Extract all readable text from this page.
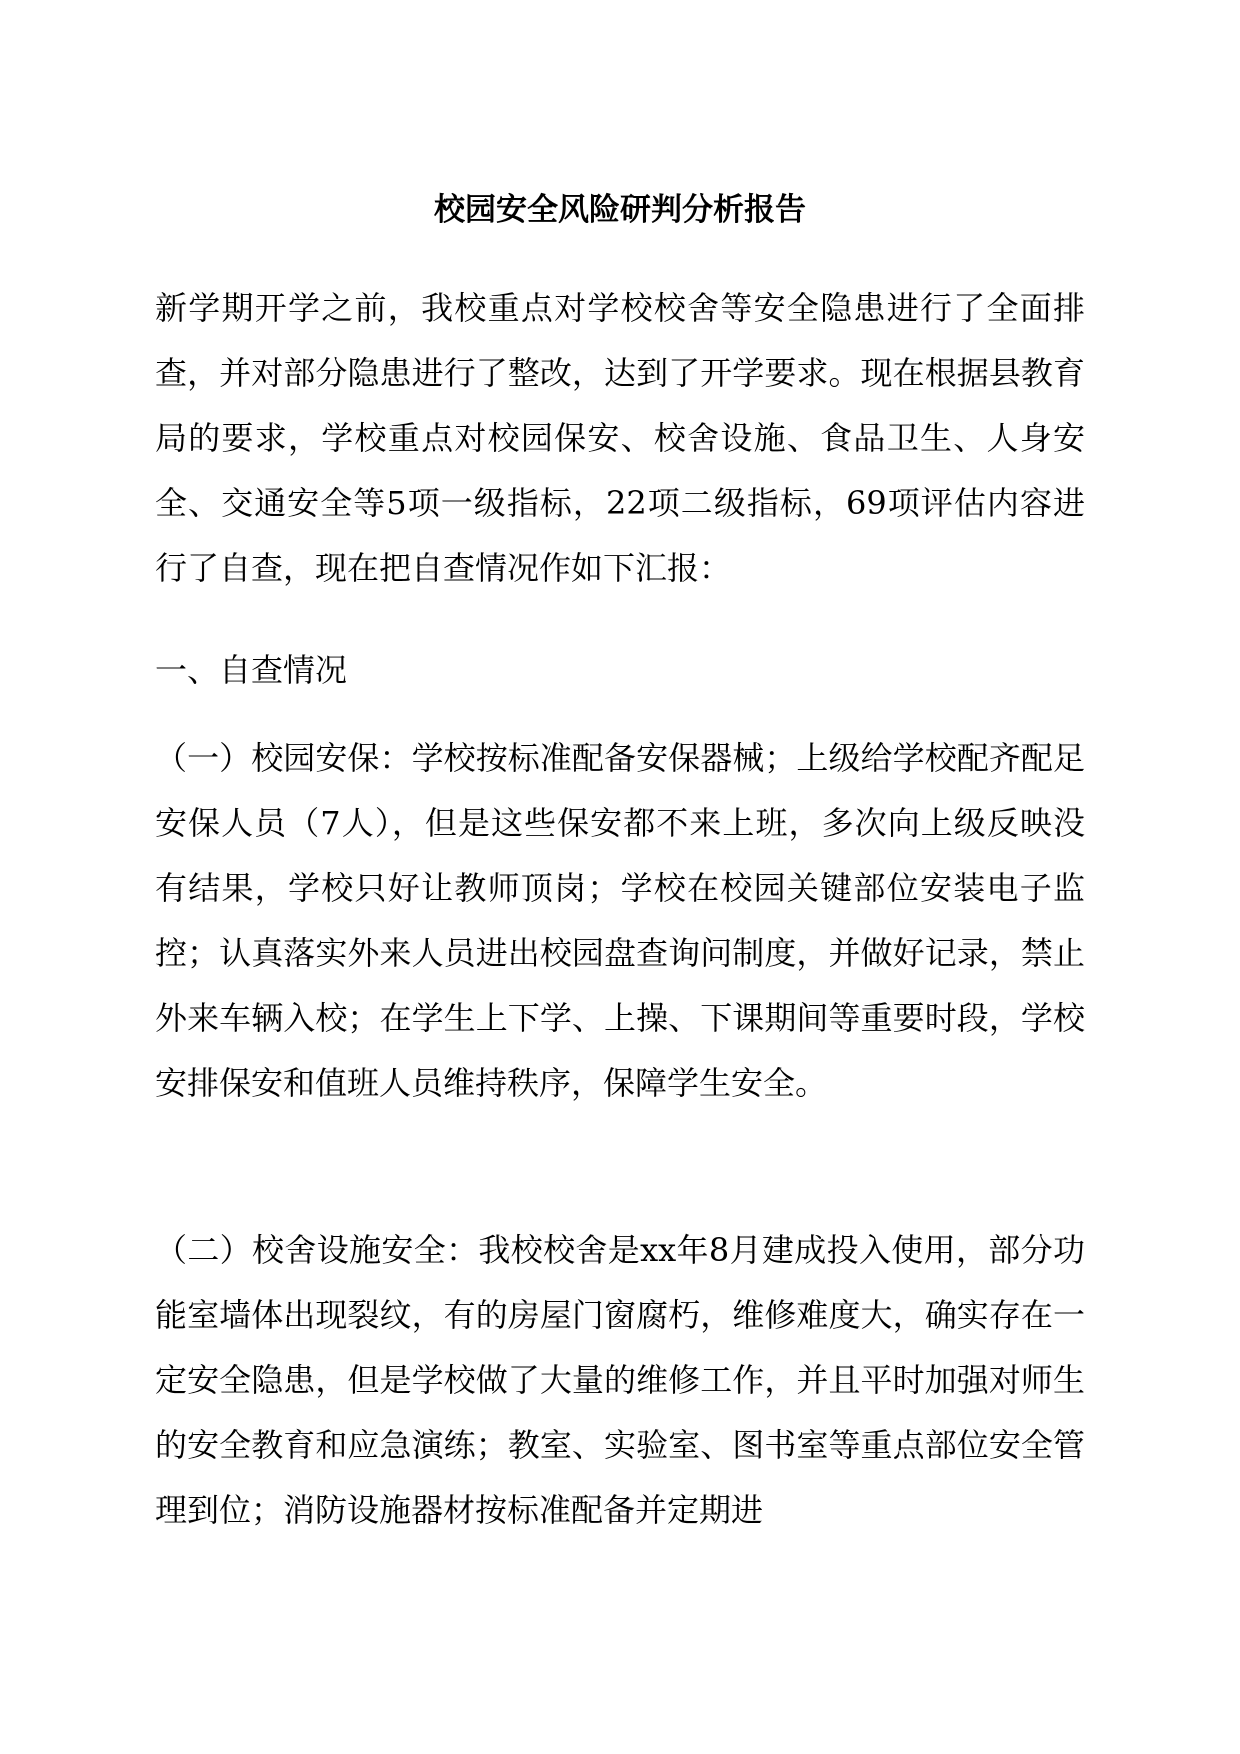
校园安全风险研判分析报告

新学期开学之前，我校重点对学校校舍等安全隐患进行了全面排查，并对部分隐患进行了整改，达到了开学要求。现在根据县教育局的要求，学校重点对校园保安、校舍设施、食品卫生、人身安全、交通安全等5项一级指标，22项二级指标，69项评估内容进行了自查，现在把自查情况作如下汇报：

一、自查情况

（一）校园安保：学校按标准配备安保器械；上级给学校配齐配足安保人员（7人），但是这些保安都不来上班，多次向上级反映没有结果，学校只好让教师顶岗；学校在校园关键部位安装电子监控；认真落实外来人员进出校园盘查询问制度，并做好记录，禁止外来车辆入校；在学生上下学、上操、下课期间等重要时段，学校安排保安和值班人员维持秩序，保障学生安全。

（二）校舍设施安全：我校校舍是xx年8月建成投入使用，部分功能室墙体出现裂纹，有的房屋门窗腐朽，维修难度大，确实存在一定安全隐患，但是学校做了大量的维修工作，并且平时加强对师生的安全教育和应急演练；教室、实验室、图书室等重点部位安全管理到位；消防设施器材按标准配备并定期进
